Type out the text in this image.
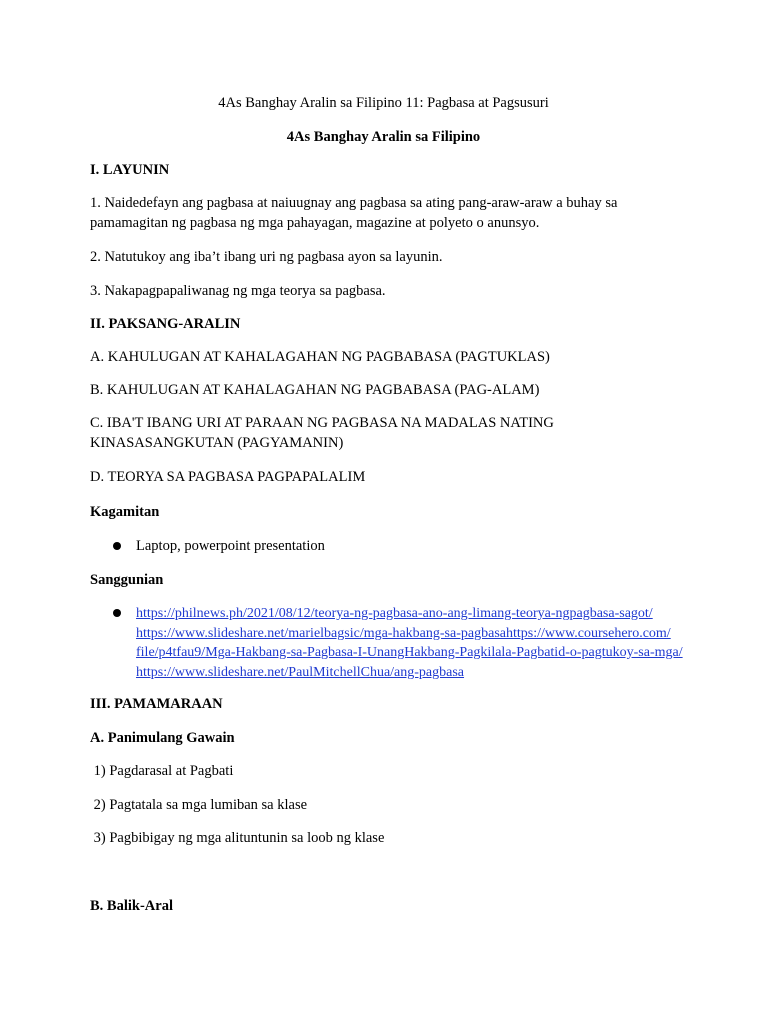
4As Banghay Aralin sa Filipino 11: Pagbasa at Pagsusuri
4As Banghay Aralin sa Filipino
I. LAYUNIN
1. Naidedefayn ang pagbasa at naiuugnay ang pagbasa sa ating pang-araw-araw a buhay sa
pamamagitan ng pagbasa ng mga pahayagan, magazine at polyeto o anunsyo.
2. Natutukoy ang iba’t ibang uri ng pagbasa ayon sa layunin.
3. Nakapagpapaliwanag ng mga teorya sa pagbasa.
II. PAKSANG-ARALIN
A. KAHULUGAN AT KAHALAGAHAN NG PAGBABASA (PAGTUKLAS)
B. KAHULUGAN AT KAHALAGAHAN NG PAGBABASA (PAG-ALAM)
C. IBA'T IBANG URI AT PARAAN NG PAGBASA NA MADALAS NATING
KINASASANGKUTAN (PAGYAMANIN)
D. TEORYA SA PAGBASA PAGPAPALALIM
Kagamitan
Laptop, powerpoint presentation
Sanggunian
https://philnews.ph/2021/08/12/teorya-ng-pagbasa-ano-ang-limang-teorya-ngpagbasa-sagot/
https://www.slideshare.net/marielbagsic/mga-hakbang-sa-pagbasahttps://www.coursehero.com/
file/p4tfau9/Mga-Hakbang-sa-Pagbasa-I-UnangHakbang-Pagkilala-Pagbatid-o-pagtukoy-sa-mga/
https://www.slideshare.net/PaulMitchellChua/ang-pagbasa
III. PAMAMARAAN
A. Panimulang Gawain
1) Pagdarasal at Pagbati
2) Pagtatala sa mga lumiban sa klase
3) Pagbibigay ng mga alituntunin sa loob ng klase
B. Balik-Aral
